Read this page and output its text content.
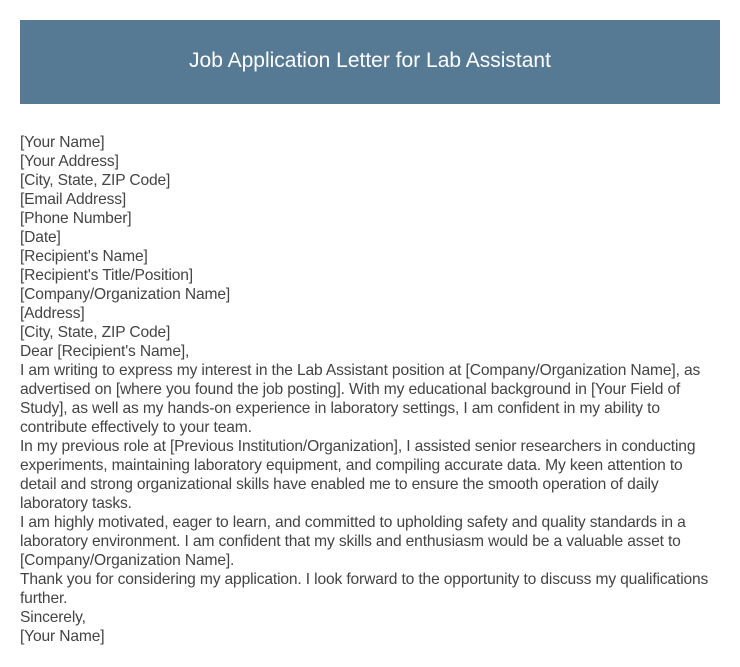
Job Application Letter for Lab Assistant
[Your Name]
[Your Address]
[City, State, ZIP Code]
[Email Address]
[Phone Number]
[Date]
[Recipient's Name]
[Recipient's Title/Position]
[Company/Organization Name]
[Address]
[City, State, ZIP Code]
Dear [Recipient's Name],

I am writing to express my interest in the Lab Assistant position at [Company/Organization Name], as advertised on [where you found the job posting]. With my educational background in [Your Field of Study], as well as my hands-on experience in laboratory settings, I am confident in my ability to contribute effectively to your team.

In my previous role at [Previous Institution/Organization], I assisted senior researchers in conducting experiments, maintaining laboratory equipment, and compiling accurate data. My keen attention to detail and strong organizational skills have enabled me to ensure the smooth operation of daily laboratory tasks.

I am highly motivated, eager to learn, and committed to upholding safety and quality standards in a laboratory environment. I am confident that my skills and enthusiasm would be a valuable asset to [Company/Organization Name].

Thank you for considering my application. I look forward to the opportunity to discuss my qualifications further.

Sincerely,
[Your Name]
